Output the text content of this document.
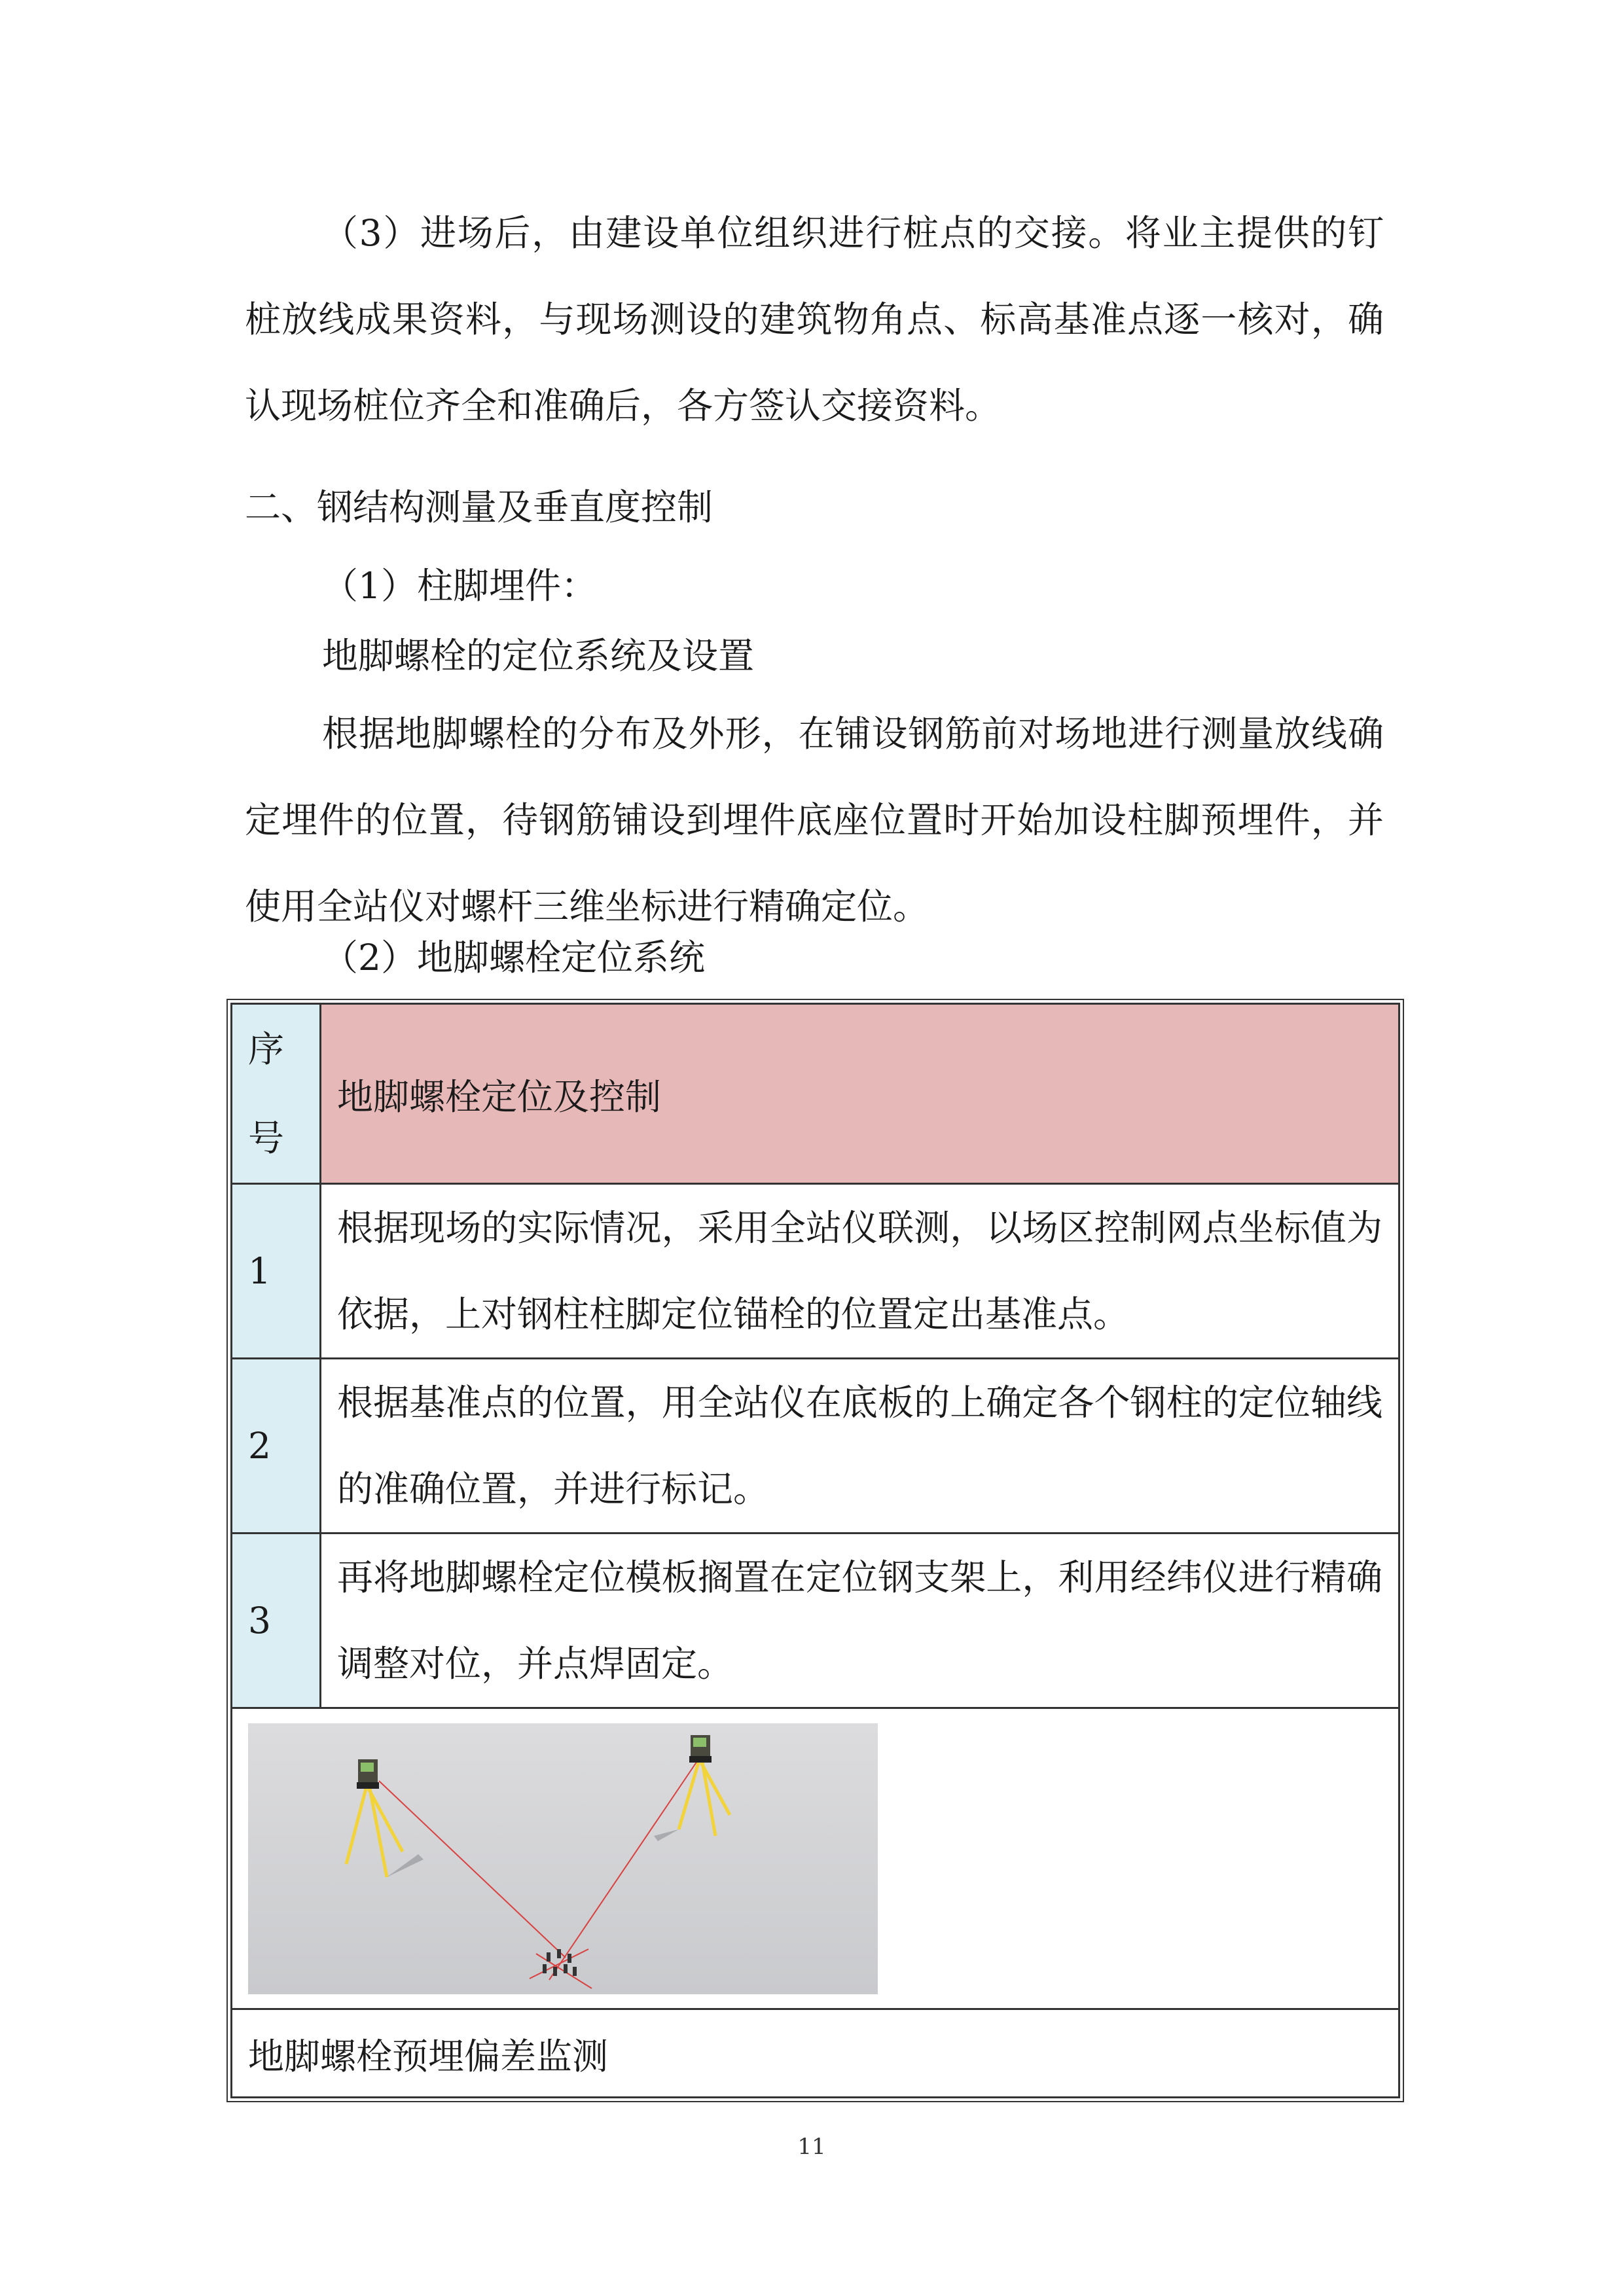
（3）进场后，由建设单位组织进行桩点的交接。将业主提供的钉桩放线成果资料，与现场测设的建筑物角点、标高基准点逐一核对，确认现场桩位齐全和准确后，各方签认交接资料。

二、钢结构测量及垂直度控制

（1）柱脚埋件：

地脚螺栓的定位系统及设置

根据地脚螺栓的分布及外形，在铺设钢筋前对场地进行测量放线确定埋件的位置，待钢筋铺设到埋件底座位置时开始加设柱脚预埋件，并使用全站仪对螺杆三维坐标进行精确定位。

（2）地脚螺栓定位系统

序
号	地脚螺栓定位及控制
1	根据现场的实际情况，采用全站仪联测，以场区控制网点坐标值为依据，上对钢柱柱脚定位锚栓的位置定出基准点。
2	根据基准点的位置，用全站仪在底板的上确定各个钢柱的定位轴线的准确位置，并进行标记。
3	再将地脚螺栓定位模板搁置在定位钢支架上，利用经纬仪进行精确调整对位，并点焊固定。

地脚螺栓预埋偏差监测	
11
